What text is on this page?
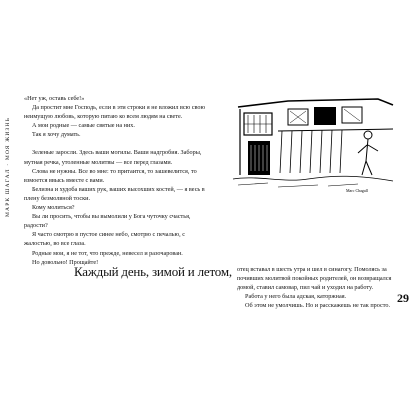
МАРК ШАГАЛ · МОЯ ЖИЗНЬ

«Нет уж, оставь себе!»

Да простит мне Господь, если в эти строки я не вложил всю свою неимущую любовь, которую питаю ко всем людям на свете.

А мои родные — самые святые на них.

Так я хочу думать.

Зеленые заросли. Здесь ваши могилы. Ваши надгробия. Заборы, мутная речка, утоленные молитвы — все перед глазами.

Слова не нужны. Все во мне: то притаится, то зашевелится, то взмоется ввысь вместе с вами.

Белизна и худоба ваших рук, ваших высохших костей, — я весь в плену безмолвной тоски.

Кому молиться?

Вы ли просить, чтобы вы вымолили у Бога чуточку счастья, радости?

Я часто смотрю в пустое синее небо, смотрю с печалью, с жалостью, во все глаза.

Родные мои, я не тот, что прежде, невесел и разочарован.

Но довольно! Прощайте!

Marc Chagall
Каждый день, зимой и летом, отец вставал в шесть утра и шел в синагогу. Помолясь за почивших молитвой покойных родителей, он возвращался домой, ставил самовар, пил чай и уходил на работу.

Работа у него была адская, каторжная.

Об этом не умолчишь. Но и расскажешь не так просто.

29
